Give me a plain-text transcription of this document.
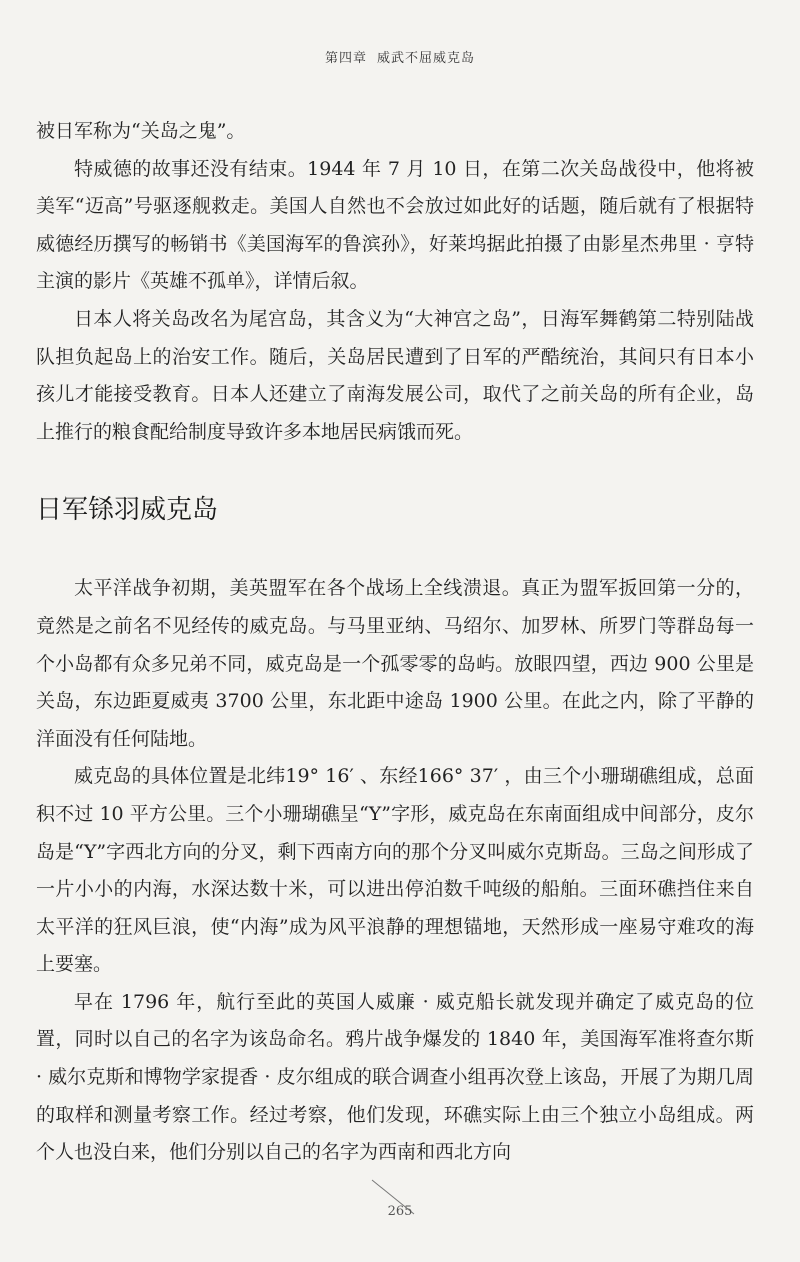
第四章 威武不屈威克岛

被日军称为“关岛之鬼”。

特威德的故事还没有结束。1944 年 7 月 10 日，在第二次关岛战役中，他将被美军“迈高”号驱逐舰救走。美国人自然也不会放过如此好的话题，随后就有了根据特威德经历撰写的畅销书《美国海军的鲁滨孙》，好莱坞据此拍摄了由影星杰弗里 · 亨特主演的影片《英雄不孤单》，详情后叙。

日本人将关岛改名为尾宫岛，其含义为“大神宫之岛”，日海军舞鹤第二特别陆战队担负起岛上的治安工作。随后，关岛居民遭到了日军的严酷统治，其间只有日本小孩儿才能接受教育。日本人还建立了南海发展公司，取代了之前关岛的所有企业，岛上推行的粮食配给制度导致许多本地居民病饿而死。

日军铩羽威克岛

太平洋战争初期，美英盟军在各个战场上全线溃退。真正为盟军扳回第一分的，竟然是之前名不见经传的威克岛。与马里亚纳、马绍尔、加罗林、所罗门等群岛每一个小岛都有众多兄弟不同，威克岛是一个孤零零的岛屿。放眼四望，西边 900 公里是关岛，东边距夏威夷 3700 公里，东北距中途岛 1900 公里。在此之内，除了平静的洋面没有任何陆地。

威克岛的具体位置是北纬19° 16′ 、东经166° 37′ ，由三个小珊瑚礁组成，总面积不过 10 平方公里。三个小珊瑚礁呈“Y”字形，威克岛在东南面组成中间部分，皮尔岛是“Y”字西北方向的分叉，剩下西南方向的那个分叉叫威尔克斯岛。三岛之间形成了一片小小的内海，水深达数十米，可以进出停泊数千吨级的船舶。三面环礁挡住来自太平洋的狂风巨浪，使“内海”成为风平浪静的理想锚地，天然形成一座易守难攻的海上要塞。

早在 1796 年，航行至此的英国人威廉 · 威克船长就发现并确定了威克岛的位置，同时以自己的名字为该岛命名。鸦片战争爆发的 1840 年，美国海军准将查尔斯 · 威尔克斯和博物学家提香 · 皮尔组成的联合调查小组再次登上该岛，开展了为期几周的取样和测量考察工作。经过考察，他们发现，环礁实际上由三个独立小岛组成。两个人也没白来，他们分别以自己的名字为西南和西北方向

265
